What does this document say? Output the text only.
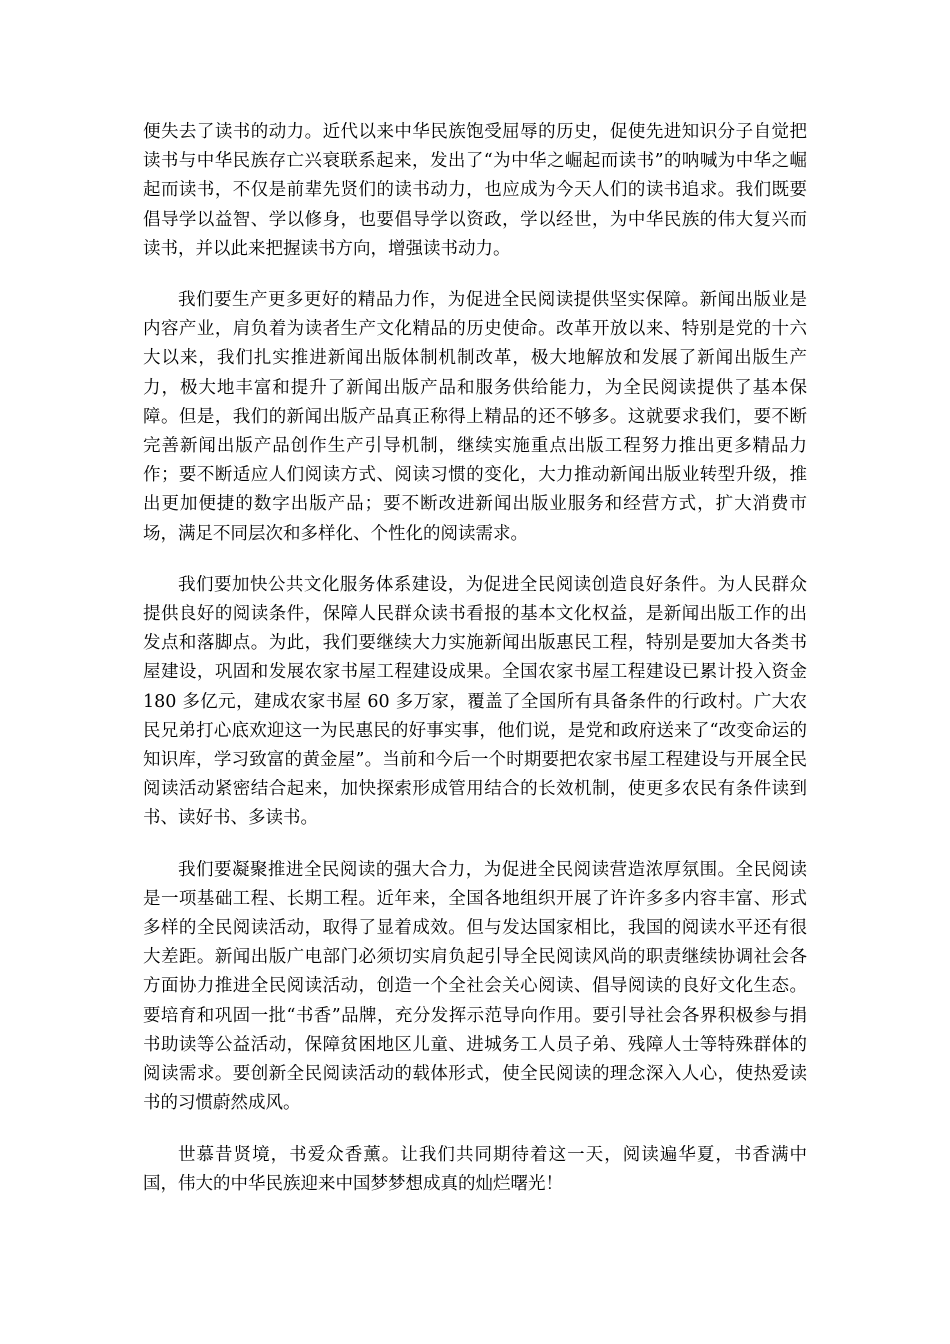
便失去了读书的动力。近代以来中华民族饱受屈辱的历史，促使先进知识分子自觉把读书与中华民族存亡兴衰联系起来，发出了“为中华之崛起而读书”的呐喊为中华之崛起而读书，不仅是前辈先贤们的读书动力，也应成为今天人们的读书追求。我们既要倡导学以益智、学以修身，也要倡导学以资政，学以经世，为中华民族的伟大复兴而读书，并以此来把握读书方向，增强读书动力。

我们要生产更多更好的精品力作，为促进全民阅读提供坚实保障。新闻出版业是内容产业，肩负着为读者生产文化精品的历史使命。改革开放以来、特别是党的十六大以来，我们扎实推进新闻出版体制机制改革，极大地解放和发展了新闻出版生产力，极大地丰富和提升了新闻出版产品和服务供给能力，为全民阅读提供了基本保障。但是，我们的新闻出版产品真正称得上精品的还不够多。这就要求我们，要不断完善新闻出版产品创作生产引导机制，继续实施重点出版工程努力推出更多精品力作；要不断适应人们阅读方式、阅读习惯的变化，大力推动新闻出版业转型升级，推出更加便捷的数字出版产品；要不断改进新闻出版业服务和经营方式，扩大消费市场，满足不同层次和多样化、个性化的阅读需求。

我们要加快公共文化服务体系建设，为促进全民阅读创造良好条件。为人民群众提供良好的阅读条件，保障人民群众读书看报的基本文化权益，是新闻出版工作的出发点和落脚点。为此，我们要继续大力实施新闻出版惠民工程，特别是要加大各类书屋建设，巩固和发展农家书屋工程建设成果。全国农家书屋工程建设已累计投入资金 180 多亿元，建成农家书屋 60 多万家，覆盖了全国所有具备条件的行政村。广大农民兄弟打心底欢迎这一为民惠民的好事实事，他们说，是党和政府送来了“改变命运的知识库，学习致富的黄金屋”。当前和今后一个时期要把农家书屋工程建设与开展全民阅读活动紧密结合起来，加快探索形成管用结合的长效机制，使更多农民有条件读到书、读好书、多读书。

我们要凝聚推进全民阅读的强大合力，为促进全民阅读营造浓厚氛围。全民阅读是一项基础工程、长期工程。近年来，全国各地组织开展了许许多多内容丰富、形式多样的全民阅读活动，取得了显着成效。但与发达国家相比，我国的阅读水平还有很大差距。新闻出版广电部门必须切实肩负起引导全民阅读风尚的职责继续协调社会各方面协力推进全民阅读活动，创造一个全社会关心阅读、倡导阅读的良好文化生态。要培育和巩固一批“书香”品牌，充分发挥示范导向作用。要引导社会各界积极参与捐书助读等公益活动，保障贫困地区儿童、进城务工人员子弟、残障人士等特殊群体的阅读需求。要创新全民阅读活动的载体形式，使全民阅读的理念深入人心，使热爱读书的习惯蔚然成风。

世慕昔贤境，书爱众香薰。让我们共同期待着这一天，阅读遍华夏，书香满中国，伟大的中华民族迎来中国梦梦想成真的灿烂曙光！
